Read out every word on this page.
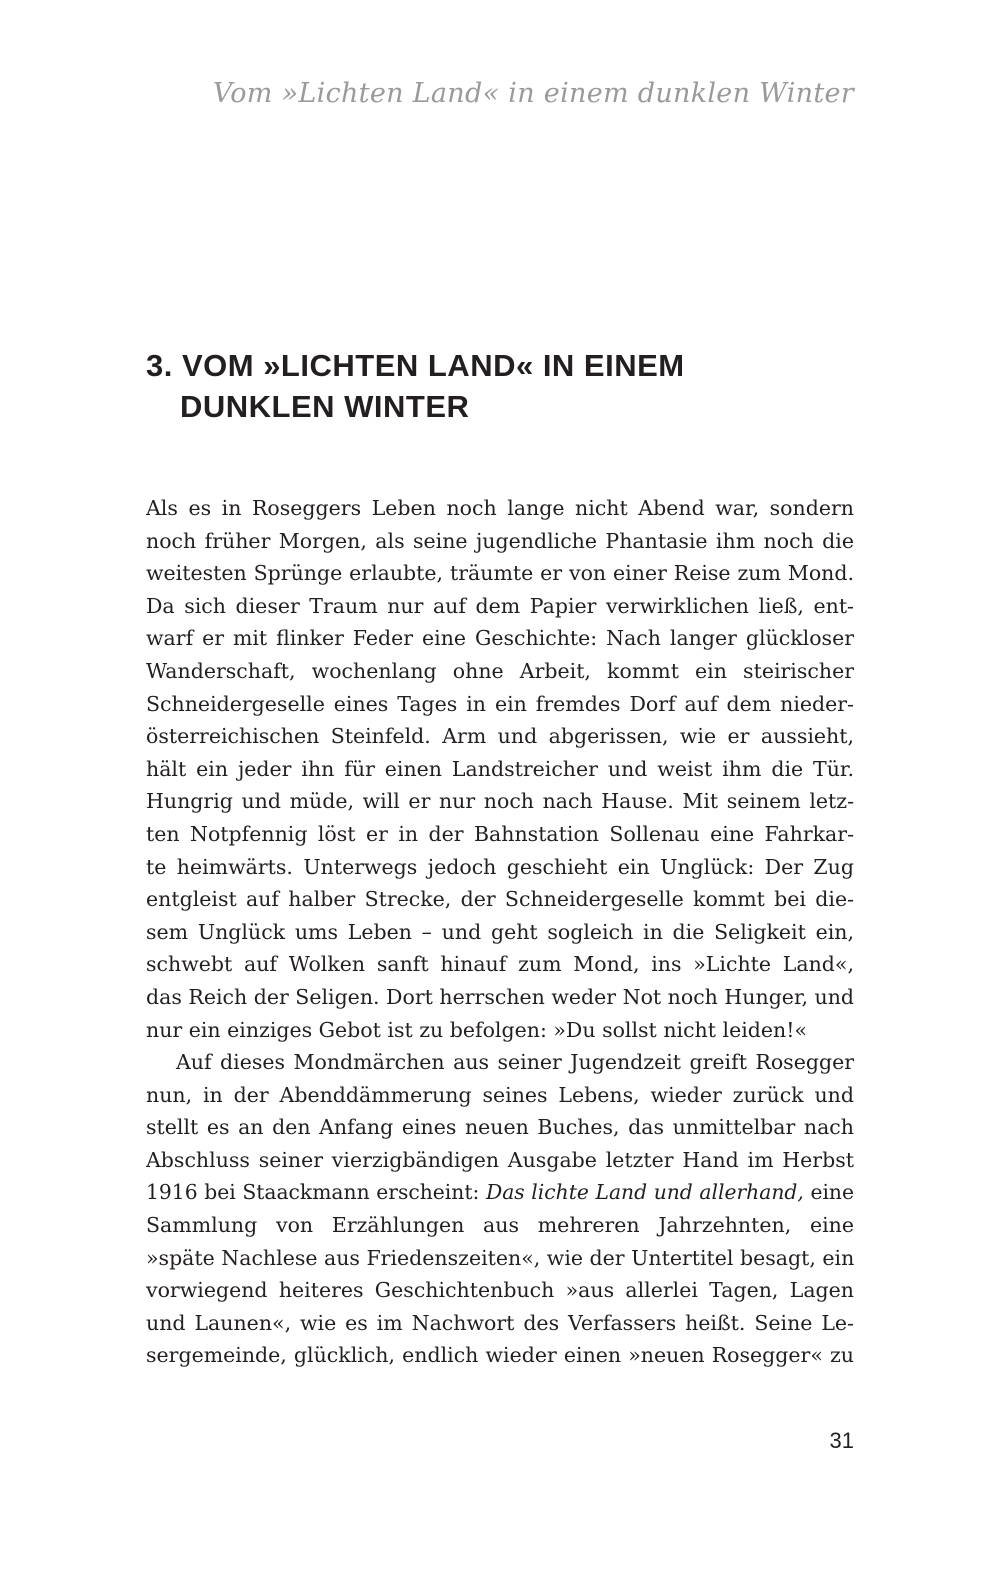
Vom »Lichten Land« in einem dunklen Winter
3. VOM »LICHTEN LAND« IN EINEM
DUNKLEN WINTER
Als es in Roseggers Leben noch lange nicht Abend war, sondern
noch früher Morgen, als seine jugendliche Phantasie ihm noch die
weitesten Sprünge erlaubte, träumte er von einer Reise zum Mond.
Da sich dieser Traum nur auf dem Papier verwirklichen ließ, ent-
warf er mit flinker Feder eine Geschichte: Nach langer glückloser
Wanderschaft, wochenlang ohne Arbeit, kommt ein steirischer
Schneidergeselle eines Tages in ein fremdes Dorf auf dem nieder-
österreichischen Steinfeld. Arm und abgerissen, wie er aussieht,
hält ein jeder ihn für einen Landstreicher und weist ihm die Tür.
Hungrig und müde, will er nur noch nach Hause. Mit seinem letz-
ten Notpfennig löst er in der Bahnstation Sollenau eine Fahrkar-
te heimwärts. Unterwegs jedoch geschieht ein Unglück: Der Zug
entgleist auf halber Strecke, der Schneidergeselle kommt bei die-
sem Unglück ums Leben – und geht sogleich in die Seligkeit ein,
schwebt auf Wolken sanft hinauf zum Mond, ins »Lichte Land«,
das Reich der Seligen. Dort herrschen weder Not noch Hunger, und
nur ein einziges Gebot ist zu befolgen: »Du sollst nicht leiden!«
Auf dieses Mondmärchen aus seiner Jugendzeit greift Rosegger
nun, in der Abenddämmerung seines Lebens, wieder zurück und
stellt es an den Anfang eines neuen Buches, das unmittelbar nach
Abschluss seiner vierzigbändigen Ausgabe letzter Hand im Herbst
1916 bei Staackmann erscheint: Das lichte Land und allerhand, eine
Sammlung von Erzählungen aus mehreren Jahrzehnten, eine
»späte Nachlese aus Friedenszeiten«, wie der Untertitel besagt, ein
vorwiegend heiteres Geschichtenbuch »aus allerlei Tagen, Lagen
und Launen«, wie es im Nachwort des Verfassers heißt. Seine Le-
sergemeinde, glücklich, endlich wieder einen »neuen Rosegger« zu
31
